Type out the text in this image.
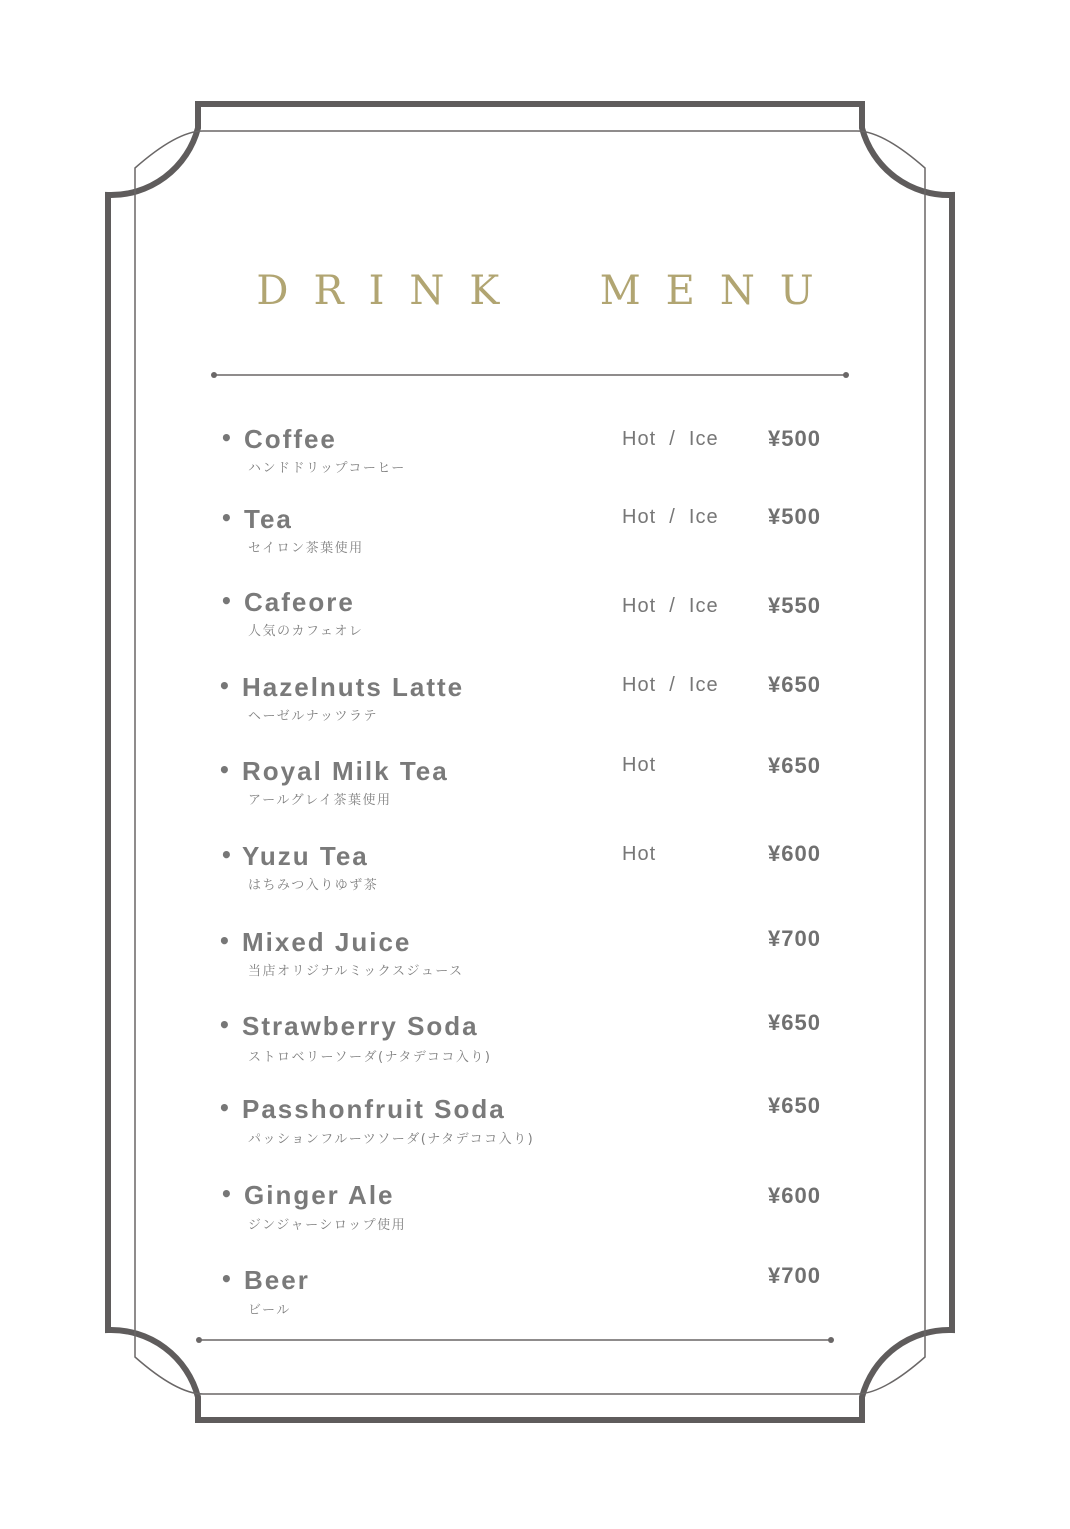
DRINK  MENU
• Coffee
ハンドドリップコーヒー
Hot  /  Ice ¥500
• Tea
セイロン茶葉使用
Hot  /  Ice ¥500
• Cafeore
人気のカフェオレ
Hot  /  Ice ¥550
• Hazelnuts Latte
ヘーゼルナッツラテ
Hot  /  Ice ¥650
• Royal Milk Tea
アールグレイ茶葉使用
Hot	¥650
• Yuzu Tea
はちみつ入りゆず茶
Hot	¥600
• Mixed Juice
当店オリジナルミックスジュース
¥700
• Strawberry Soda
ストロベリーソーダ(ナタデココ入り)
¥650
• Passhonfruit Soda
パッションフルーツソーダ(ナタデココ入り)
¥650
• Ginger Ale
ジンジャーシロップ使用
¥600
• Beer
ビール
¥700
